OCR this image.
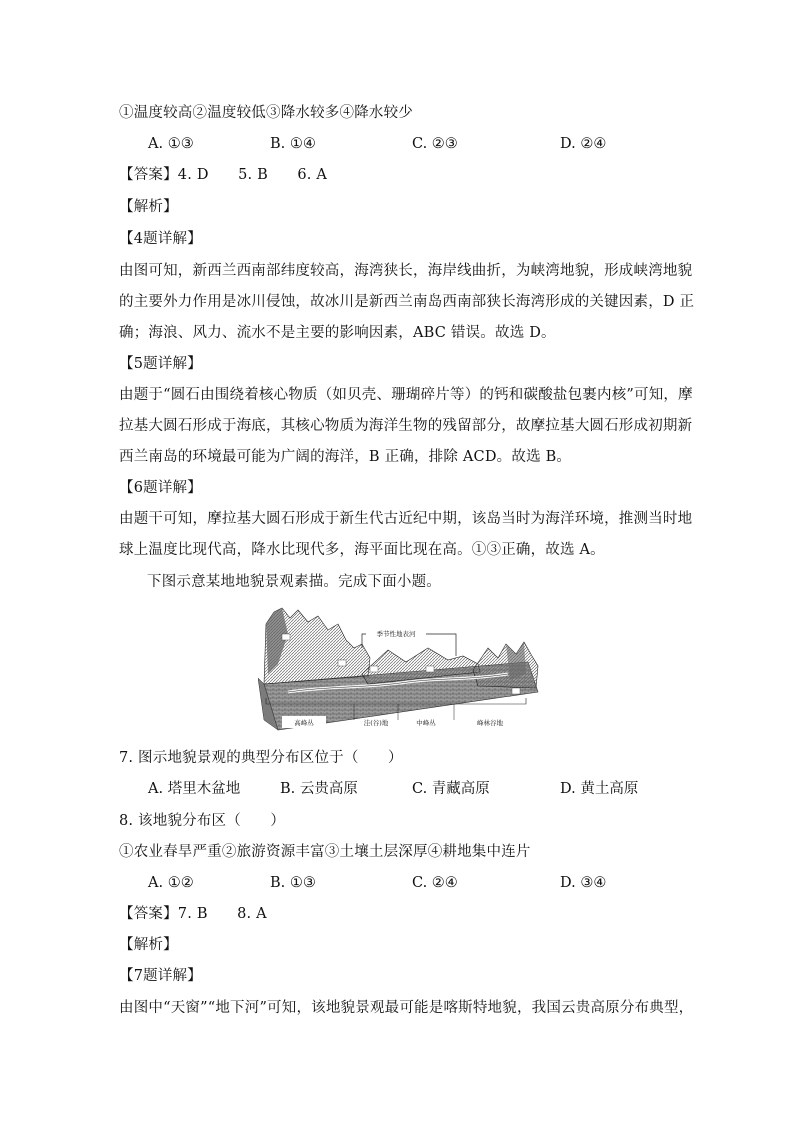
①温度较高②温度较低③降水较多④降水较少
A. ①③	B. ①④	C. ②③	D. ②④
【答案】4. D　　5. B　　6. A
【解析】
【4题详解】
由图可知，新西兰西南部纬度较高，海湾狭长，海岸线曲折，为峡湾地貌，形成峡湾地貌
的主要外力作用是冰川侵蚀，故冰川是新西兰南岛西南部狭长海湾形成的关键因素，D 正
确；海浪、风力、流水不是主要的影响因素，ABC 错误。故选 D。
【5题详解】
由题于“圆石由围绕着核心物质（如贝壳、珊瑚碎片等）的钙和碳酸盐包裹内核”可知，摩
拉基大圆石形成于海底，其核心物质为海洋生物的残留部分，故摩拉基大圆石形成初期新
西兰南岛的环境最可能为广阔的海洋，B 正确，排除 ACD。故选 B。
【6题详解】
由题干可知，摩拉基大圆石形成于新生代古近纪中期，该岛当时为海洋环境，推测当时地
球上温度比现代高，降水比现代多，海平面比现在高。①③正确，故选 A。
下图示意某地地貌景观素描。完成下面小题。
季节性地表河
高峰丛	洼(谷)地	中峰丛	峰林谷地
7. 图示地貌景观的典型分布区位于（　　）
A. 塔里木盆地	B. 云贵高原	C. 青藏高原	D. 黄土高原
8. 该地貌分布区（　　）
①农业春旱严重②旅游资源丰富③土壤土层深厚④耕地集中连片
A. ①②	B. ①③	C. ②④	D. ③④
【答案】7. B　　8. A
【解析】
【7题详解】
由图中“天窗”“地下河”可知，该地貌景观最可能是喀斯特地貌，我国云贵高原分布典型，
